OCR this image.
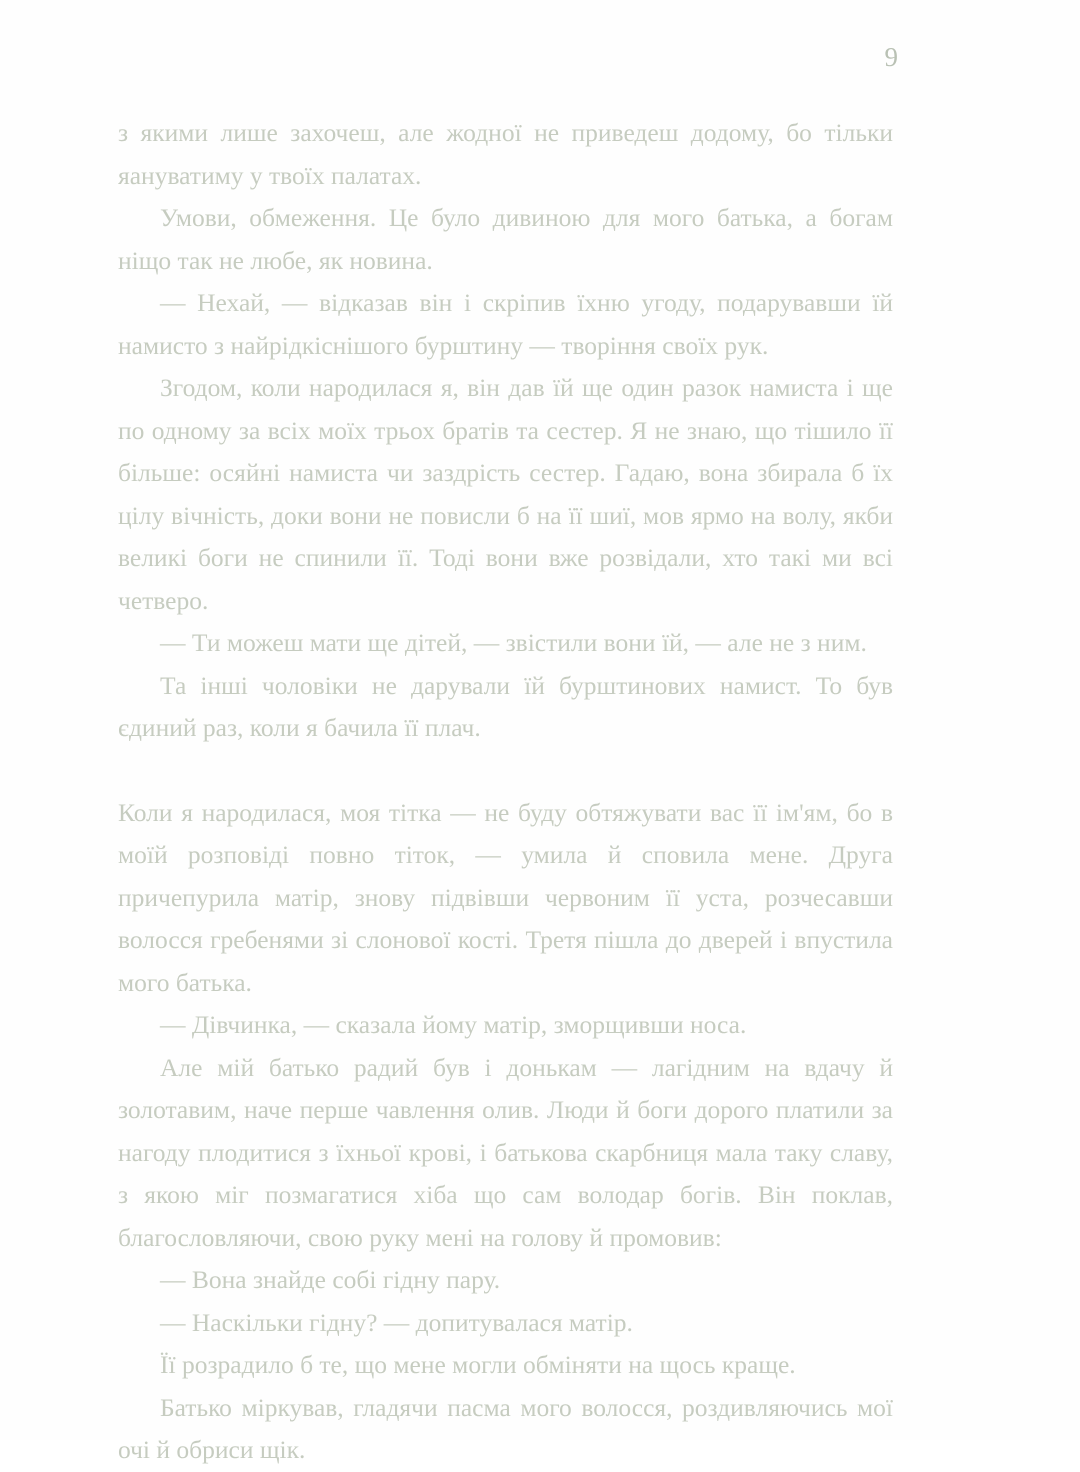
9

з якими лише захочеш, але жодної не приведеш додому, бо тільки яануватиму у твоїх палатах.

Умови, обмеження. Це було дивиною для мого батька, а богам ніщо так не любе, як новина.

— Нехай, — відказав він і скріпив їхню угоду, подарувавши їй намисто з найрідкіснішого бурштину — творіння своїх рук.

Згодом, коли народилася я, він дав їй ще один разок намиста і ще по одному за всіх моїх трьох братів та сестер. Я не знаю, що тішило її більше: осяйні намиста чи заздрість сестер. Гадаю, вона збирала б їх цілу вічність, доки вони не повисли б на її шиї, мов ярмо на волу, якби великі боги не спинили її. Тоді вони вже розвідали, хто такі ми всі четверо.

— Ти можеш мати ще дітей, — звістили вони їй, — але не з ним.

Та інші чоловіки не дарували їй бурштинових намист. То був єдиний раз, коли я бачила її плач.

Коли я народилася, моя тітка — не буду обтяжувати вас її ім'ям, бо в моїй розповіді повно тіток, — умила й сповила мене. Друга причепурила матір, знову підвівши червоним її уста, розчесавши волосся гребенями зі слонової кості. Третя пішла до дверей і впустила мого батька.

— Дівчинка, — сказала йому матір, зморщивши носа.

Але мій батько радий був і донькам — лагідним на вдачу й золотавим, наче перше чавлення олив. Люди й боги дорого платили за нагоду плодитися з їхньої крові, і батькова скарбниця мала таку славу, з якою міг позмагатися хіба що сам володар богів. Він поклав, благословляючи, свою руку мені на голову й промовив:

— Вона знайде собі гідну пару.

— Наскільки гідну? — допитувалася матір.

Її розрадило б те, що мене могли обміняти на щось краще.

Батько міркував, гладячи пасма мого волосся, роздивляючись мої очі й обриси щік.
